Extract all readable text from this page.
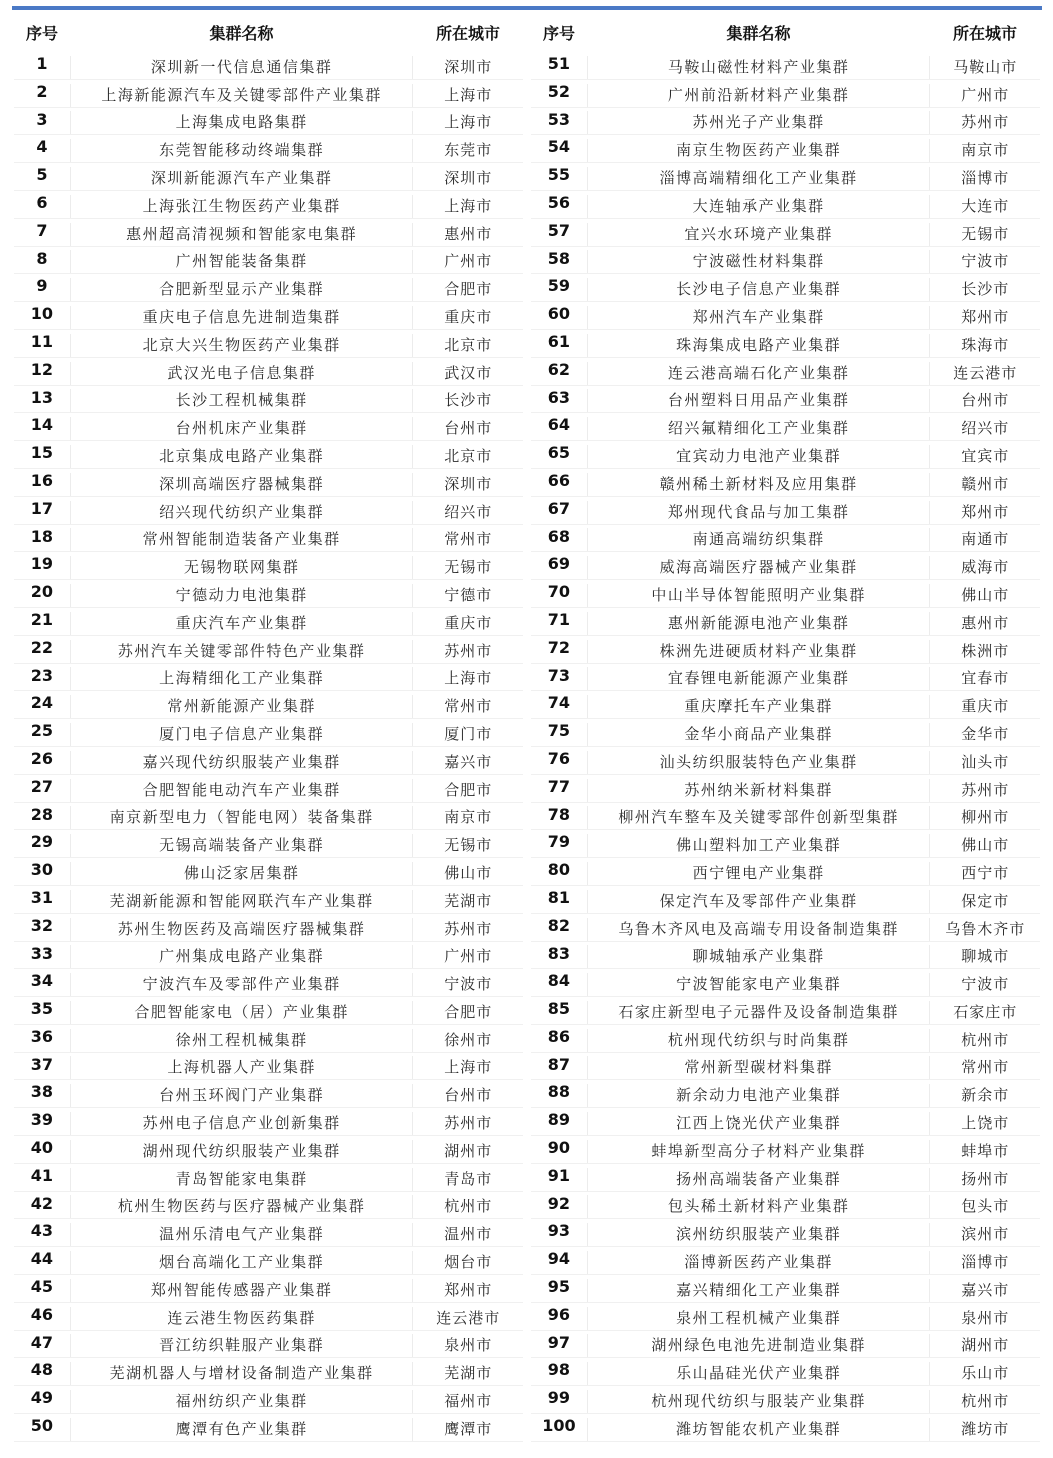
序号	集群名称	所在城市
1	深圳新一代信息通信集群	深圳市
2	上海新能源汽车及关键零部件产业集群	上海市
3	上海集成电路集群	上海市
4	东莞智能移动终端集群	东莞市
5	深圳新能源汽车产业集群	深圳市
6	上海张江生物医药产业集群	上海市
7	惠州超高清视频和智能家电集群	惠州市
8	广州智能装备集群	广州市
9	合肥新型显示产业集群	合肥市
10	重庆电子信息先进制造集群	重庆市
11	北京大兴生物医药产业集群	北京市
12	武汉光电子信息集群	武汉市
13	长沙工程机械集群	长沙市
14	台州机床产业集群	台州市
15	北京集成电路产业集群	北京市
16	深圳高端医疗器械集群	深圳市
17	绍兴现代纺织产业集群	绍兴市
18	常州智能制造装备产业集群	常州市
19	无锡物联网集群	无锡市
20	宁德动力电池集群	宁德市
21	重庆汽车产业集群	重庆市
22	苏州汽车关键零部件特色产业集群	苏州市
23	上海精细化工产业集群	上海市
24	常州新能源产业集群	常州市
25	厦门电子信息产业集群	厦门市
26	嘉兴现代纺织服装产业集群	嘉兴市
27	合肥智能电动汽车产业集群	合肥市
28	南京新型电力（智能电网）装备集群	南京市
29	无锡高端装备产业集群	无锡市
30	佛山泛家居集群	佛山市
31	芜湖新能源和智能网联汽车产业集群	芜湖市
32	苏州生物医药及高端医疗器械集群	苏州市
33	广州集成电路产业集群	广州市
34	宁波汽车及零部件产业集群	宁波市
35	合肥智能家电（居）产业集群	合肥市
36	徐州工程机械集群	徐州市
37	上海机器人产业集群	上海市
38	台州玉环阀门产业集群	台州市
39	苏州电子信息产业创新集群	苏州市
40	湖州现代纺织服装产业集群	湖州市
41	青岛智能家电集群	青岛市
42	杭州生物医药与医疗器械产业集群	杭州市
43	温州乐清电气产业集群	温州市
44	烟台高端化工产业集群	烟台市
45	郑州智能传感器产业集群	郑州市
46	连云港生物医药集群	连云港市
47	晋江纺织鞋服产业集群	泉州市
48	芜湖机器人与增材设备制造产业集群	芜湖市
49	福州纺织产业集群	福州市
50	鹰潭有色产业集群	鹰潭市
序号	集群名称	所在城市
51	马鞍山磁性材料产业集群	马鞍山市
52	广州前沿新材料产业集群	广州市
53	苏州光子产业集群	苏州市
54	南京生物医药产业集群	南京市
55	淄博高端精细化工产业集群	淄博市
56	大连轴承产业集群	大连市
57	宜兴水环境产业集群	无锡市
58	宁波磁性材料集群	宁波市
59	长沙电子信息产业集群	长沙市
60	郑州汽车产业集群	郑州市
61	珠海集成电路产业集群	珠海市
62	连云港高端石化产业集群	连云港市
63	台州塑料日用品产业集群	台州市
64	绍兴氟精细化工产业集群	绍兴市
65	宜宾动力电池产业集群	宜宾市
66	赣州稀土新材料及应用集群	赣州市
67	郑州现代食品与加工集群	郑州市
68	南通高端纺织集群	南通市
69	威海高端医疗器械产业集群	威海市
70	中山半导体智能照明产业集群	佛山市
71	惠州新能源电池产业集群	惠州市
72	株洲先进硬质材料产业集群	株洲市
73	宜春锂电新能源产业集群	宜春市
74	重庆摩托车产业集群	重庆市
75	金华小商品产业集群	金华市
76	汕头纺织服装特色产业集群	汕头市
77	苏州纳米新材料集群	苏州市
78	柳州汽车整车及关键零部件创新型集群	柳州市
79	佛山塑料加工产业集群	佛山市
80	西宁锂电产业集群	西宁市
81	保定汽车及零部件产业集群	保定市
82	乌鲁木齐风电及高端专用设备制造集群	乌鲁木齐市
83	聊城轴承产业集群	聊城市
84	宁波智能家电产业集群	宁波市
85	石家庄新型电子元器件及设备制造集群	石家庄市
86	杭州现代纺织与时尚集群	杭州市
87	常州新型碳材料集群	常州市
88	新余动力电池产业集群	新余市
89	江西上饶光伏产业集群	上饶市
90	蚌埠新型高分子材料产业集群	蚌埠市
91	扬州高端装备产业集群	扬州市
92	包头稀土新材料产业集群	包头市
93	滨州纺织服装产业集群	滨州市
94	淄博新医药产业集群	淄博市
95	嘉兴精细化工产业集群	嘉兴市
96	泉州工程机械产业集群	泉州市
97	湖州绿色电池先进制造业集群	湖州市
98	乐山晶硅光伏产业集群	乐山市
99	杭州现代纺织与服装产业集群	杭州市
100	潍坊智能农机产业集群	潍坊市
